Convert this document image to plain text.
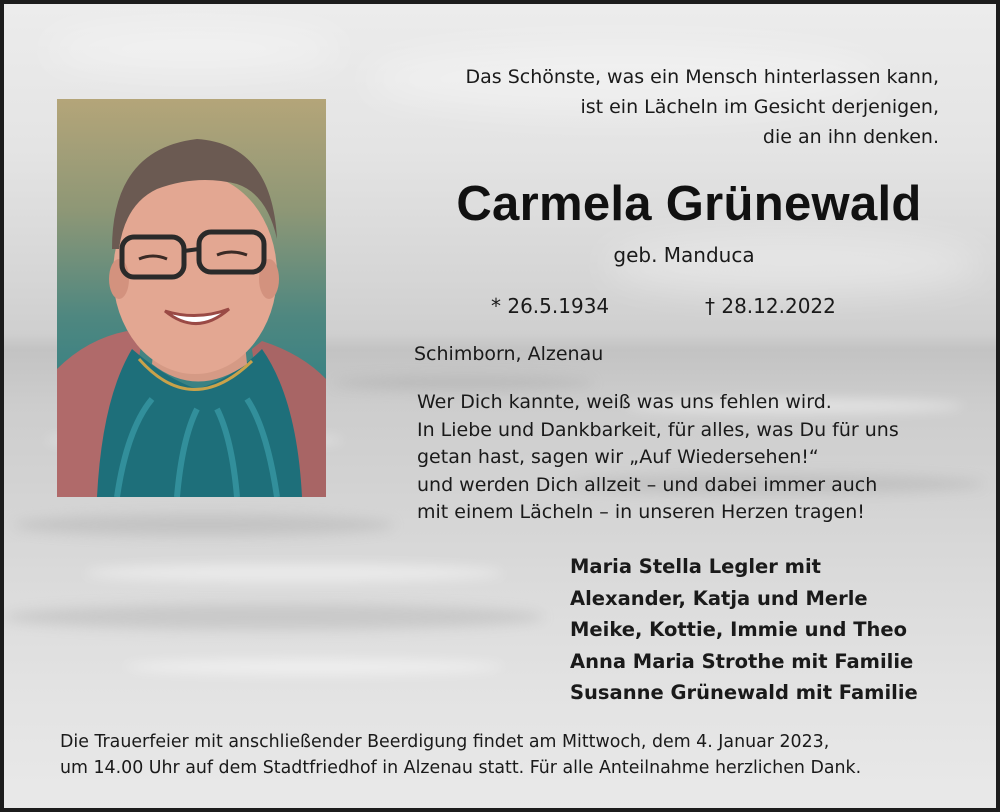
Das Schönste, was ein Mensch hinterlassen kann,
ist ein Lächeln im Gesicht derjenigen,
die an ihn denken.

Carmela Grünewald

geb. Manduca

* 26.5.1934	† 28.12.2022

Schimborn, Alzenau

Wer Dich kannte, weiß was uns fehlen wird.
In Liebe und Dankbarkeit, für alles, was Du für uns
getan hast, sagen wir „Auf Wiedersehen!“
und werden Dich allzeit – und dabei immer auch
mit einem Lächeln – in unseren Herzen tragen!

Maria Stella Legler mit
Alexander, Katja und Merle
Meike, Kottie, Immie und Theo
Anna Maria Strothe mit Familie
Susanne Grünewald mit Familie

Die Trauerfeier mit anschließender Beerdigung findet am Mittwoch, dem 4. Januar 2023,
um 14.00 Uhr auf dem Stadtfriedhof in Alzenau statt. Für alle Anteilnahme herzlichen Dank.
